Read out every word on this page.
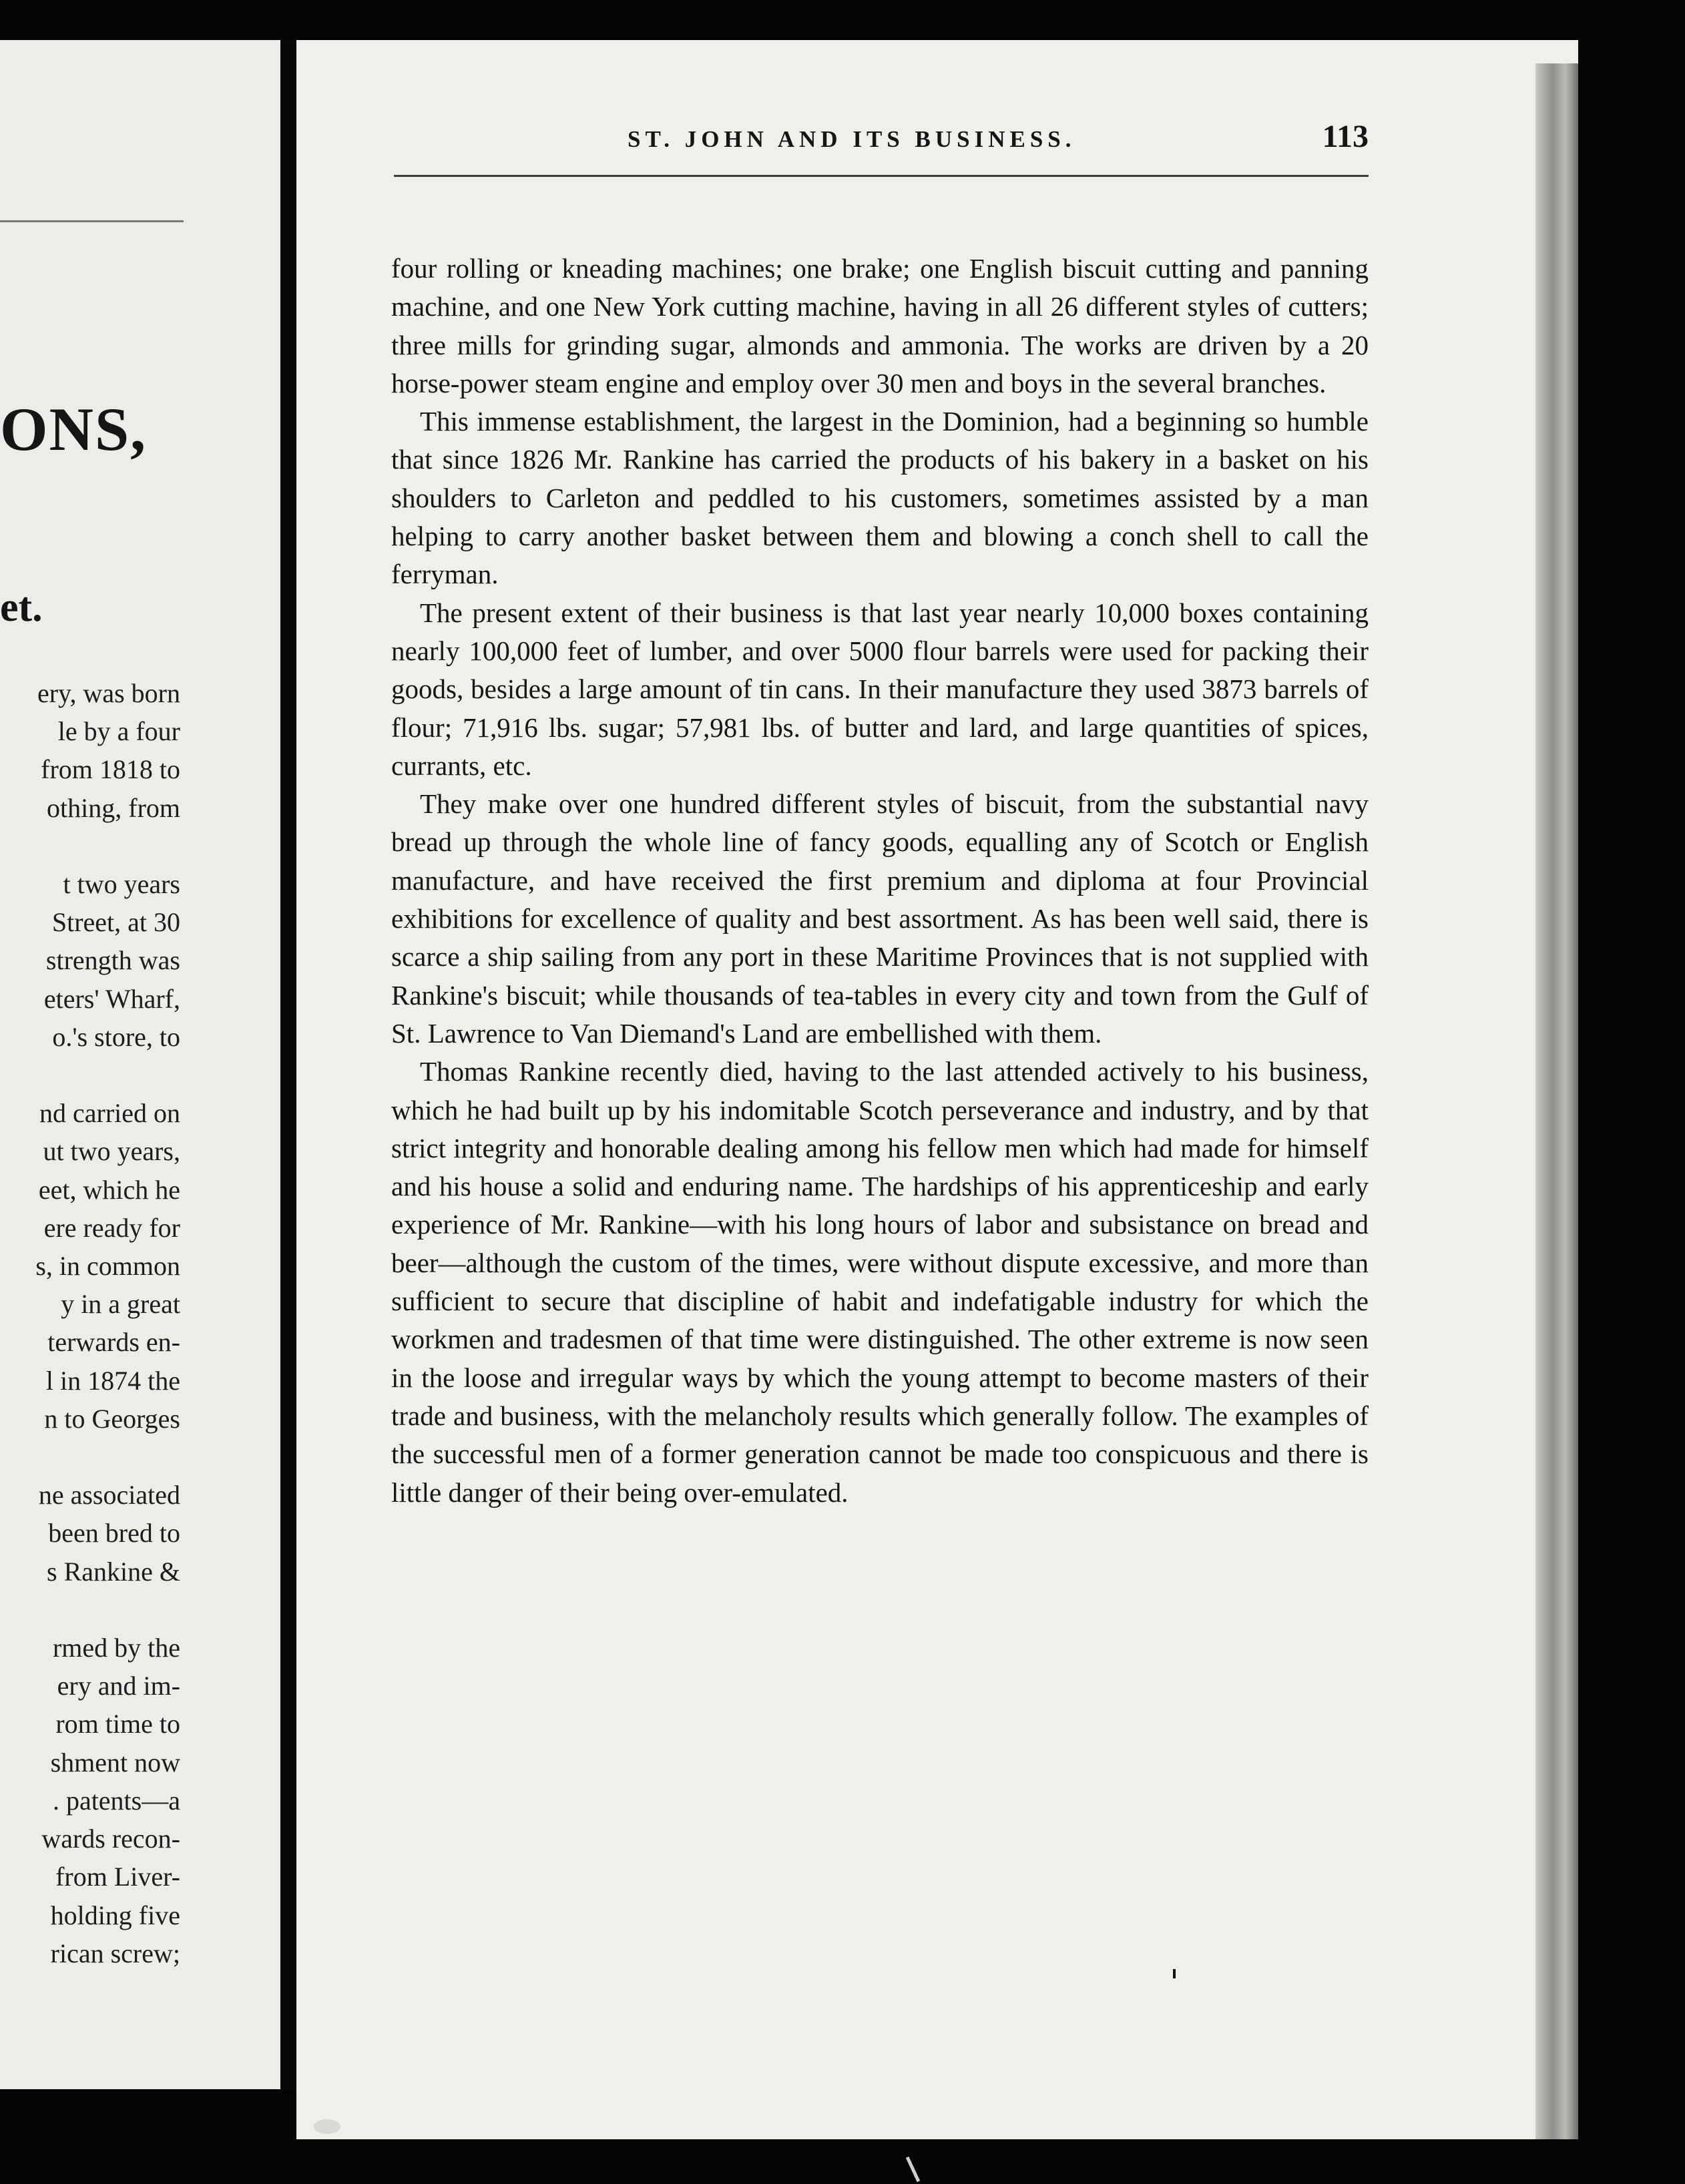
ONS,
et.
ery, was born
le by a four
from 1818 to
othing, from

t two years
Street, at 30
strength was
eters' Wharf,
o.'s store, to

nd carried on
ut two years,
eet, which he
ere ready for
s, in common
y in a great
terwards en-
l in 1874 the
n to Georges

ne associated
been bred to
s Rankine &

rmed by the
ery and im-
rom time to
shment now
. patents—a
wards recon-
from Liver-
holding five
rican screw;
ST. JOHN AND ITS BUSINESS.	113

four rolling or kneading machines; one brake; one English biscuit cutting and panning machine, and one New York cutting machine, having in all 26 different styles of cutters; three mills for grinding sugar, almonds and ammonia. The works are driven by a 20 horse-power steam engine and employ over 30 men and boys in the several branches.

This immense establishment, the largest in the Dominion, had a beginning so humble that since 1826 Mr. Rankine has carried the products of his bakery in a basket on his shoulders to Carleton and peddled to his customers, sometimes assisted by a man helping to carry another basket between them and blowing a conch shell to call the ferryman.

The present extent of their business is that last year nearly 10,000 boxes containing nearly 100,000 feet of lumber, and over 5000 flour barrels were used for packing their goods, besides a large amount of tin cans. In their manufacture they used 3873 barrels of flour; 71,916 lbs. sugar; 57,981 lbs. of butter and lard, and large quantities of spices, currants, etc.

They make over one hundred different styles of biscuit, from the substantial navy bread up through the whole line of fancy goods, equalling any of Scotch or English manufacture, and have received the first premium and diploma at four Provincial exhibitions for excellence of quality and best assortment. As has been well said, there is scarce a ship sailing from any port in these Maritime Provinces that is not supplied with Rankine's biscuit; while thousands of tea-tables in every city and town from the Gulf of St. Lawrence to Van Diemand's Land are embellished with them.

Thomas Rankine recently died, having to the last attended actively to his business, which he had built up by his indomitable Scotch perseverance and industry, and by that strict integrity and honorable dealing among his fellow men which had made for himself and his house a solid and enduring name. The hardships of his apprenticeship and early experience of Mr. Rankine—with his long hours of labor and subsistance on bread and beer—although the custom of the times, were without dispute excessive, and more than sufficient to secure that discipline of habit and indefatigable industry for which the workmen and tradesmen of that time were distinguished. The other extreme is now seen in the loose and irregular ways by which the young attempt to become masters of their trade and business, with the melancholy results which generally follow. The examples of the successful men of a former generation cannot be made too conspicuous and there is little danger of their being over-emulated.
